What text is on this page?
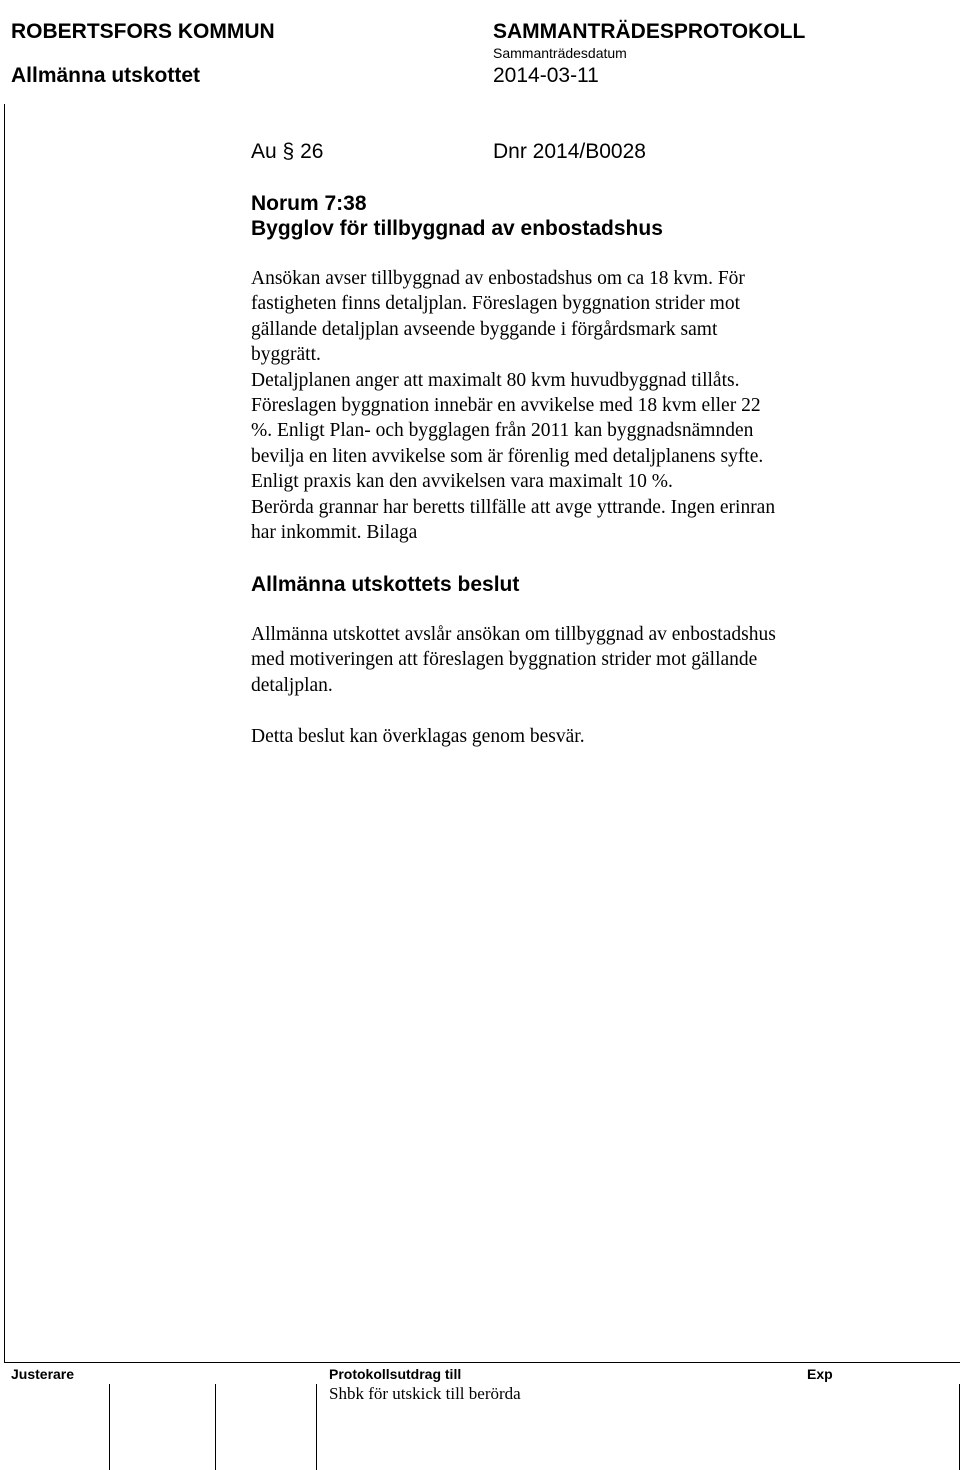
ROBERTSFORS KOMMUN
Allmänna utskottet
SAMMANTRÄDESPROTOKOLL
Sammanträdesdatum
2014-03-11
Au § 26	Dnr 2014/B0028
Norum 7:38
Bygglov för tillbyggnad av enbostadshus
Ansökan avser tillbyggnad av enbostadshus om ca 18 kvm. För
fastigheten finns detaljplan. Föreslagen byggnation strider mot
gällande detaljplan avseende byggande i förgårdsmark samt
byggrätt.
Detaljplanen anger att maximalt 80 kvm huvudbyggnad tillåts.
Föreslagen byggnation innebär en avvikelse med 18 kvm eller 22
%. Enligt Plan- och bygglagen från 2011 kan byggnadsnämnden
bevilja en liten avvikelse som är förenlig med detaljplanens syfte.
Enligt praxis kan den avvikelsen vara maximalt 10 %.
Berörda grannar har beretts tillfälle att avge yttrande. Ingen erinran
har inkommit. Bilaga
Allmänna utskottets beslut
Allmänna utskottet avslår ansökan om tillbyggnad av enbostadshus
med motiveringen att föreslagen byggnation strider mot gällande
detaljplan.
Detta beslut kan överklagas genom besvär.
Justerare	Protokollsutdrag till	Exp
Shbk för utskick till berörda
